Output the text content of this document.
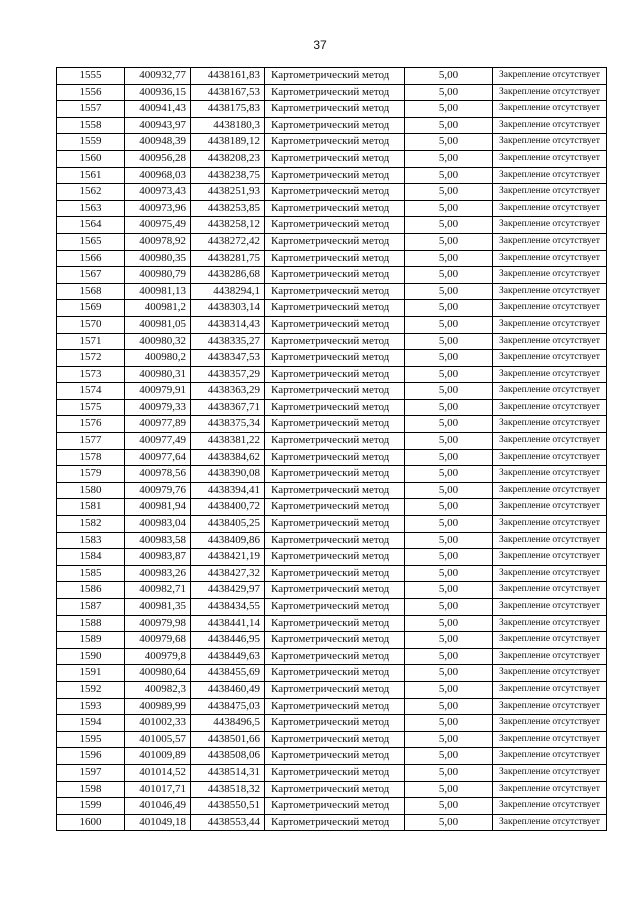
37
1555	400932,77	4438161,83	Картометрический метод	5,00	Закрепление отсутствует
1556	400936,15	4438167,53	Картометрический метод	5,00	Закрепление отсутствует
1557	400941,43	4438175,83	Картометрический метод	5,00	Закрепление отсутствует
1558	400943,97	4438180,3	Картометрический метод	5,00	Закрепление отсутствует
1559	400948,39	4438189,12	Картометрический метод	5,00	Закрепление отсутствует
1560	400956,28	4438208,23	Картометрический метод	5,00	Закрепление отсутствует
1561	400968,03	4438238,75	Картометрический метод	5,00	Закрепление отсутствует
1562	400973,43	4438251,93	Картометрический метод	5,00	Закрепление отсутствует
1563	400973,96	4438253,85	Картометрический метод	5,00	Закрепление отсутствует
1564	400975,49	4438258,12	Картометрический метод	5,00	Закрепление отсутствует
1565	400978,92	4438272,42	Картометрический метод	5,00	Закрепление отсутствует
1566	400980,35	4438281,75	Картометрический метод	5,00	Закрепление отсутствует
1567	400980,79	4438286,68	Картометрический метод	5,00	Закрепление отсутствует
1568	400981,13	4438294,1	Картометрический метод	5,00	Закрепление отсутствует
1569	400981,2	4438303,14	Картометрический метод	5,00	Закрепление отсутствует
1570	400981,05	4438314,43	Картометрический метод	5,00	Закрепление отсутствует
1571	400980,32	4438335,27	Картометрический метод	5,00	Закрепление отсутствует
1572	400980,2	4438347,53	Картометрический метод	5,00	Закрепление отсутствует
1573	400980,31	4438357,29	Картометрический метод	5,00	Закрепление отсутствует
1574	400979,91	4438363,29	Картометрический метод	5,00	Закрепление отсутствует
1575	400979,33	4438367,71	Картометрический метод	5,00	Закрепление отсутствует
1576	400977,89	4438375,34	Картометрический метод	5,00	Закрепление отсутствует
1577	400977,49	4438381,22	Картометрический метод	5,00	Закрепление отсутствует
1578	400977,64	4438384,62	Картометрический метод	5,00	Закрепление отсутствует
1579	400978,56	4438390,08	Картометрический метод	5,00	Закрепление отсутствует
1580	400979,76	4438394,41	Картометрический метод	5,00	Закрепление отсутствует
1581	400981,94	4438400,72	Картометрический метод	5,00	Закрепление отсутствует
1582	400983,04	4438405,25	Картометрический метод	5,00	Закрепление отсутствует
1583	400983,58	4438409,86	Картометрический метод	5,00	Закрепление отсутствует
1584	400983,87	4438421,19	Картометрический метод	5,00	Закрепление отсутствует
1585	400983,26	4438427,32	Картометрический метод	5,00	Закрепление отсутствует
1586	400982,71	4438429,97	Картометрический метод	5,00	Закрепление отсутствует
1587	400981,35	4438434,55	Картометрический метод	5,00	Закрепление отсутствует
1588	400979,98	4438441,14	Картометрический метод	5,00	Закрепление отсутствует
1589	400979,68	4438446,95	Картометрический метод	5,00	Закрепление отсутствует
1590	400979,8	4438449,63	Картометрический метод	5,00	Закрепление отсутствует
1591	400980,64	4438455,69	Картометрический метод	5,00	Закрепление отсутствует
1592	400982,3	4438460,49	Картометрический метод	5,00	Закрепление отсутствует
1593	400989,99	4438475,03	Картометрический метод	5,00	Закрепление отсутствует
1594	401002,33	4438496,5	Картометрический метод	5,00	Закрепление отсутствует
1595	401005,57	4438501,66	Картометрический метод	5,00	Закрепление отсутствует
1596	401009,89	4438508,06	Картометрический метод	5,00	Закрепление отсутствует
1597	401014,52	4438514,31	Картометрический метод	5,00	Закрепление отсутствует
1598	401017,71	4438518,32	Картометрический метод	5,00	Закрепление отсутствует
1599	401046,49	4438550,51	Картометрический метод	5,00	Закрепление отсутствует
1600	401049,18	4438553,44	Картометрический метод	5,00	Закрепление отсутствует
